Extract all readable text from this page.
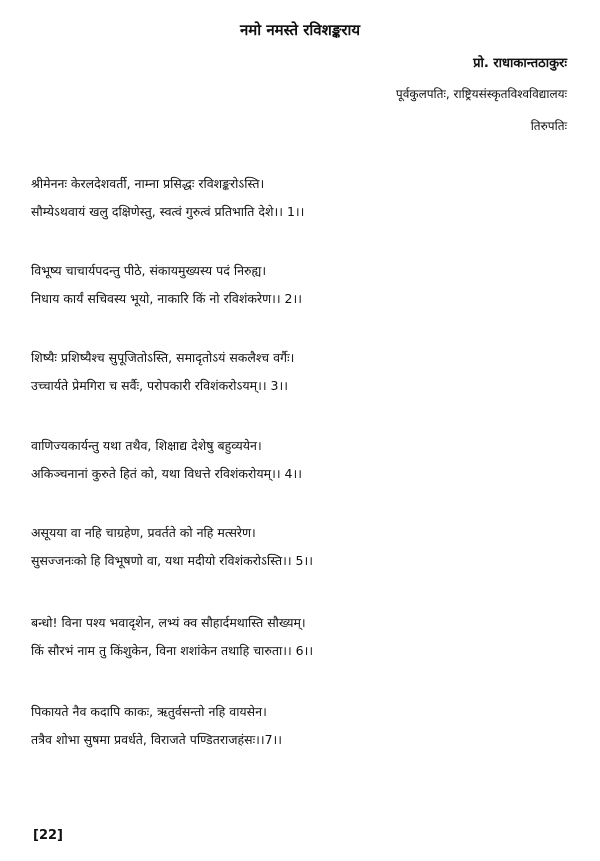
नमो नमस्ते रविशङ्कराय
प्रो. राधाकान्तठाकुरः
पूर्वकुलपतिः, राष्ट्रियसंस्कृतविश्वविद्यालयः
तिरुपतिः
श्रीमेननः केरलदेशवर्ती, नाम्ना प्रसिद्धः रविशङ्करोऽस्ति।
सौम्येऽथवायं खलु दक्षिणेस्तु, स्वत्वं गुरुत्वं प्रतिभाति देशे।। 1।।
विभूष्य चाचार्यपदन्तु पीठे, संकायमुख्यस्य पदं निरुह्य।
निधाय कार्यं सचिवस्य भूयो, नाकारि किं नो रविशंकरेण।। 2।।
शिष्यैः प्रशिष्यैश्च सुपूजितोऽस्ति, समादृतोऽयं सकलैश्च वर्गैः।
उच्चार्यते प्रेमगिरा च सर्वैः, परोपकारी रविशंकरोऽयम्।। 3।।
वाणिज्यकार्यन्तु यथा तथैव, शिक्षाद्य देशेषु बहुव्ययेन।
अकिञ्चनानां कुरुते हितं को, यथा विधत्ते रविशंकरोयम्।। 4।।
असूयया वा नहि चाग्रहेण, प्रवर्तते को नहि मत्सरेण।
सुसज्जनःको हि विभूषणो वा, यथा मदीयो रविशंकरोऽस्ति।। 5।।
बन्धो! विना पश्य भवादृशेन, लभ्यं क्व सौहार्दमथास्ति सौख्यम्।
किं सौरभं नाम तु किंशुकेन, विना शशांकेन तथाहि चारुता।। 6।।
पिकायते नैव कदापि काकः, ऋतुर्वसन्तो नहि वायसेन।
तत्रैव शोभा सुषमा प्रवर्धते, विराजते पण्डितराजहंसः।।7।।
[22]
